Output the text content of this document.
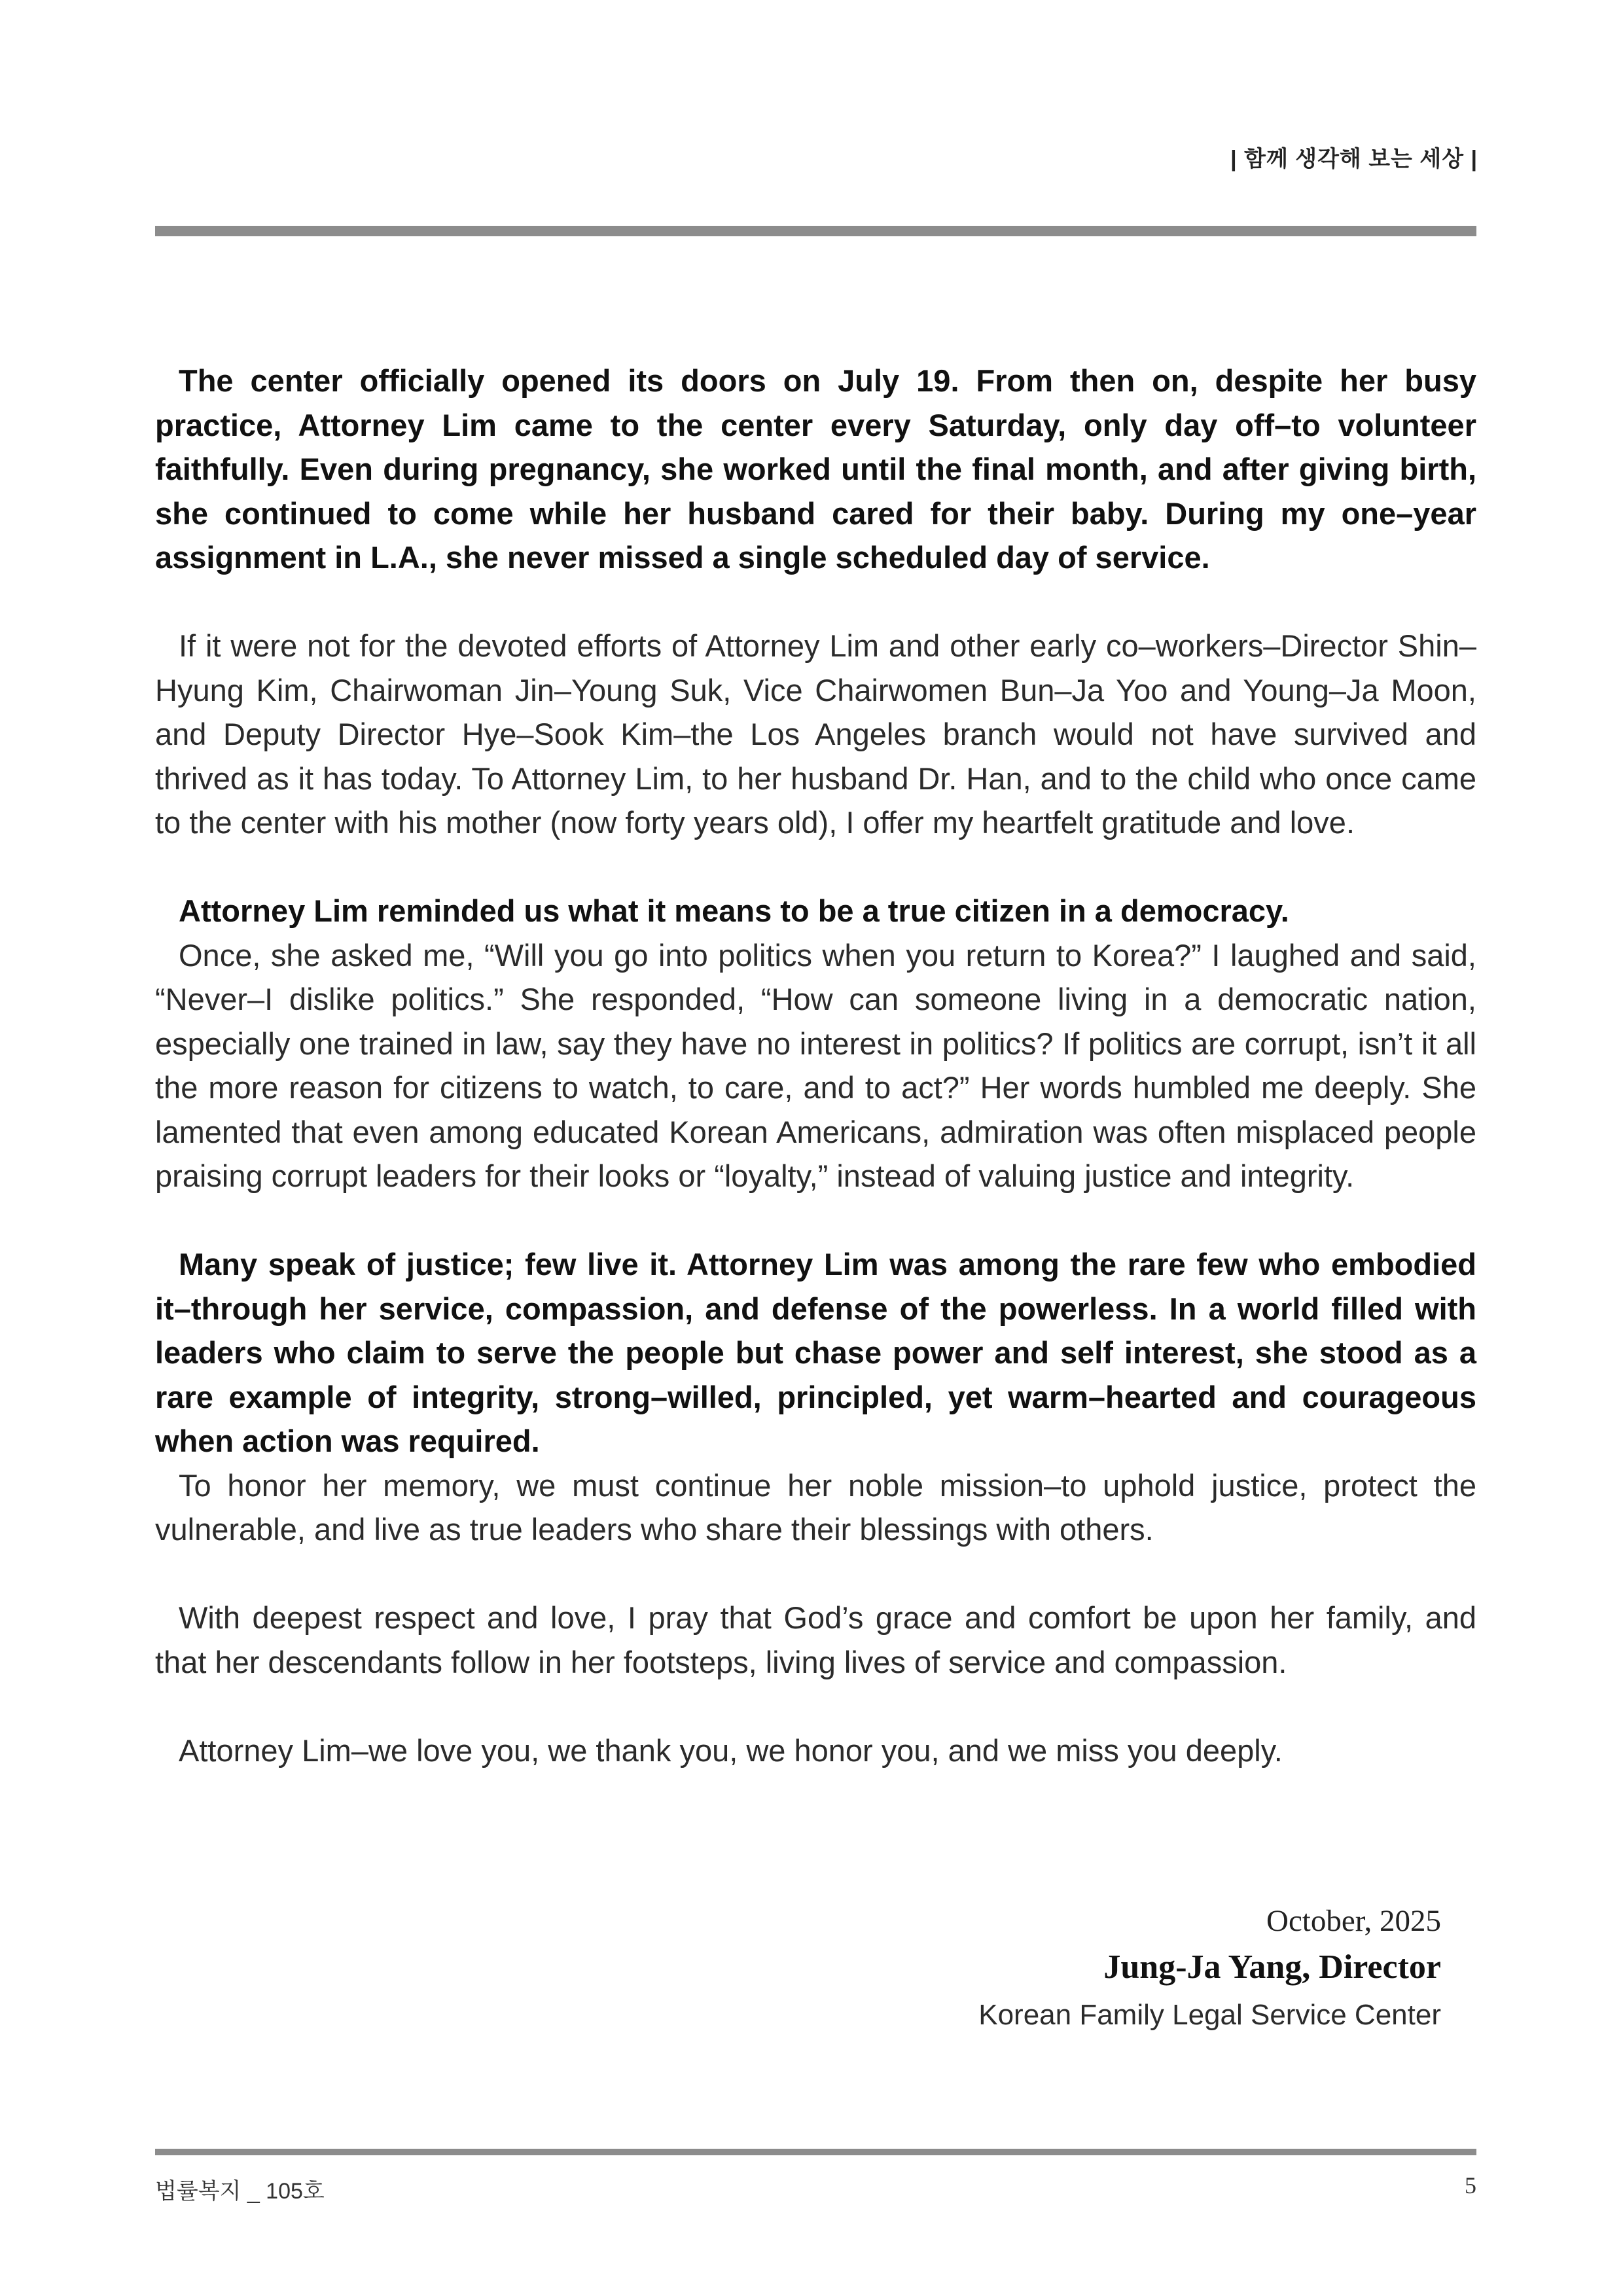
| 함께 생각해 보는 세상 |

The center officially opened its doors on July 19. From then on, despite her busy practice, Attorney Lim came to the center every Saturday, only day off–to volunteer faithfully. Even during pregnancy, she worked until the final month, and after giving birth, she continued to come while her husband cared for their baby. During my one–year assignment in L.A., she never missed a single scheduled day of service.

If it were not for the devoted efforts of Attorney Lim and other early co–workers–Director Shin–Hyung Kim, Chairwoman Jin–Young Suk, Vice Chairwomen Bun–Ja Yoo and Young–Ja Moon, and Deputy Director Hye–Sook Kim–the Los Angeles branch would not have survived and thrived as it has today. To Attorney Lim, to her husband Dr. Han, and to the child who once came to the center with his mother (now forty years old), I offer my heartfelt gratitude and love.

Attorney Lim reminded us what it means to be a true citizen in a democracy.

Once, she asked me, “Will you go into politics when you return to Korea?” I laughed and said, “Never–I dislike politics.” She responded, “How can someone living in a democratic nation, especially one trained in law, say they have no interest in politics? If politics are corrupt, isn’t it all the more reason for citizens to watch, to care, and to act?” Her words humbled me deeply. She lamented that even among educated Korean Americans, admiration was often misplaced people praising corrupt leaders for their looks or “loyalty,” instead of valuing justice and integrity.

Many speak of justice; few live it. Attorney Lim was among the rare few who embodied it–through her service, compassion, and defense of the powerless. In a world filled with leaders who claim to serve the people but chase power and self interest, she stood as a rare example of integrity, strong–willed, principled, yet warm–hearted and courageous when action was required.

To honor her memory, we must continue her noble mission–to uphold justice, protect the vulnerable, and live as true leaders who share their blessings with others.

With deepest respect and love, I pray that God’s grace and comfort be upon her family, and that her descendants follow in her footsteps, living lives of service and compassion.

Attorney Lim–we love you, we thank you, we honor you, and we miss you deeply.

October, 2025
Jung-Ja Yang, Director
Korean Family Legal Service Center
법률복지 _ 105호	5
